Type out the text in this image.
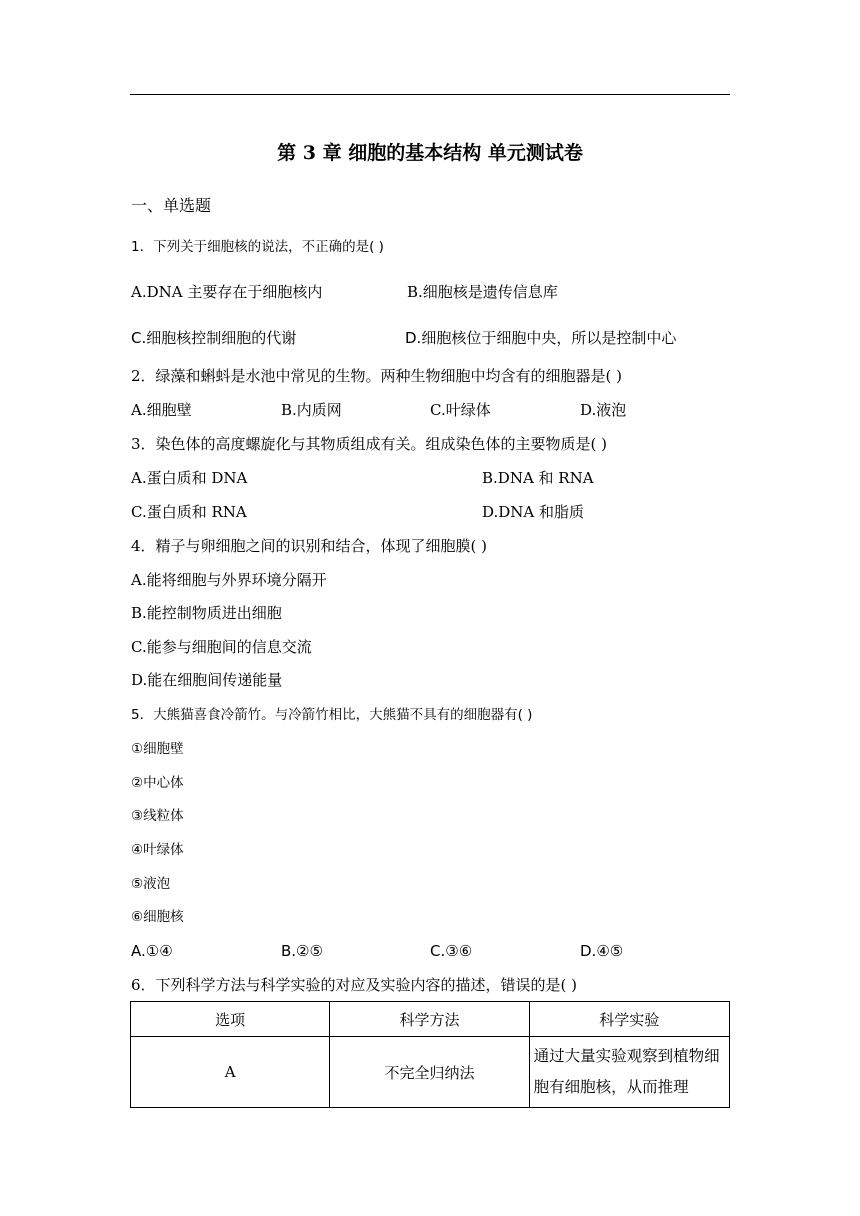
第 3 章 细胞的基本结构 单元测试卷
一、单选题
1．下列关于细胞核的说法，不正确的是( )
A.DNA 主要存在于细胞核内	B.细胞核是遗传信息库
C.细胞核控制细胞的代谢	D.细胞核位于细胞中央，所以是控制中心
2．绿藻和蝌蚪是水池中常见的生物。两种生物细胞中均含有的细胞器是( )
A.细胞壁	B.内质网	C.叶绿体	D.液泡
3．染色体的高度螺旋化与其物质组成有关。组成染色体的主要物质是( )
A.蛋白质和 DNA	B.DNA 和 RNA
C.蛋白质和 RNA	D.DNA 和脂质
4．精子与卵细胞之间的识别和结合，体现了细胞膜( )
A.能将细胞与外界环境分隔开
B.能控制物质进出细胞
C.能参与细胞间的信息交流
D.能在细胞间传递能量
5．大熊猫喜食冷箭竹。与冷箭竹相比，大熊猫不具有的细胞器有( )
①细胞壁
②中心体
③线粒体
④叶绿体
⑤液泡
⑥细胞核
A.①④	B.②⑤	C.③⑥	D.④⑤
6．下列科学方法与科学实验的对应及实验内容的描述，错误的是( )
选项	科学方法	科学实验
A	不完全归纳法	通过大量实验观察到植物细胞有细胞核，从而推理
